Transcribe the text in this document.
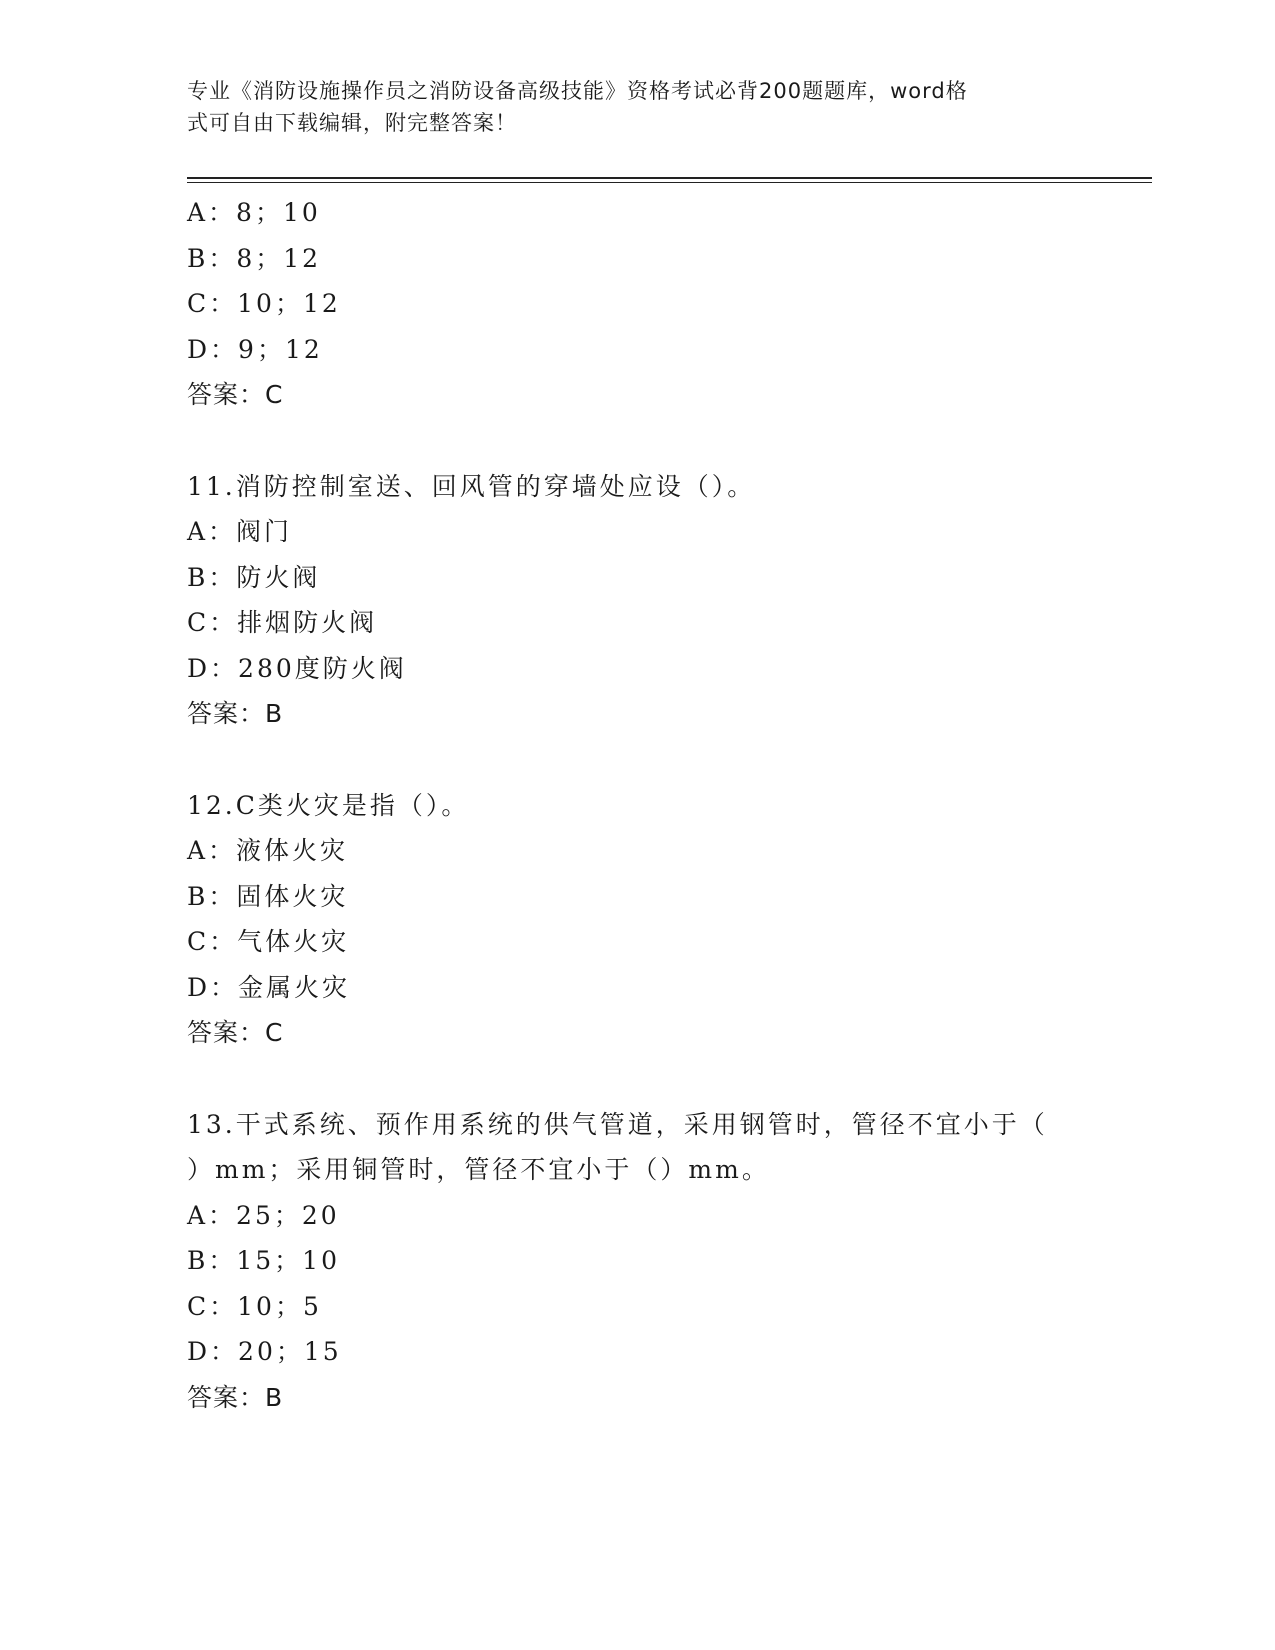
专业《消防设施操作员之消防设备高级技能》资格考试必背200题题库，word格
式可自由下载编辑，附完整答案！
A：8；10
B：8；12
C：10；12
D：9；12
答案：C
11.消防控制室送、回风管的穿墙处应设（）。
A：阀门
B：防火阀
C：排烟防火阀
D：280度防火阀
答案：B
12.C类火灾是指（）。
A：液体火灾
B：固体火灾
C：气体火灾
D：金属火灾
答案：C
13.干式系统、预作用系统的供气管道，采用钢管时，管径不宜小于（
）mm；采用铜管时，管径不宜小于（）mm。
A：25；20
B：15；10
C：10；5
D：20；15
答案：B
